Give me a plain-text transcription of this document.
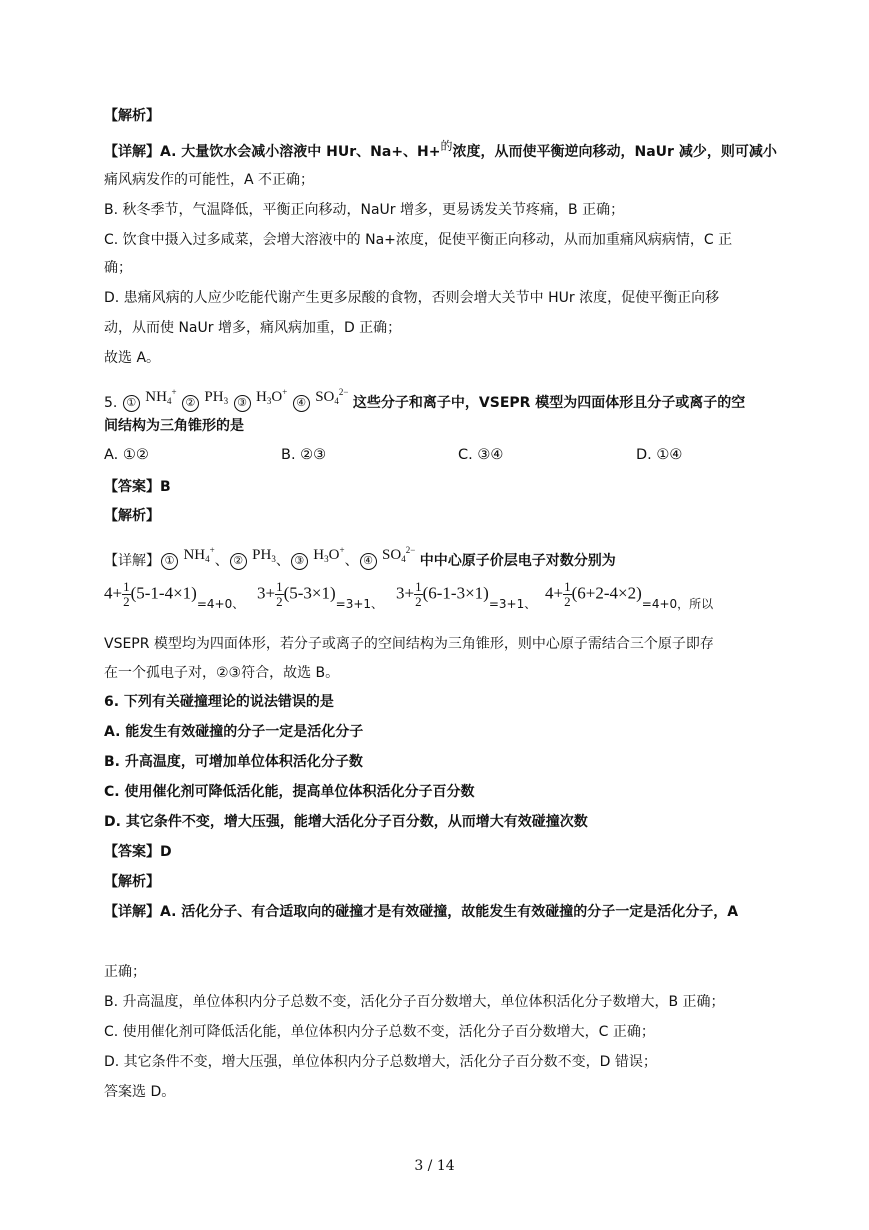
【解析】
【详解】A. 大量饮水会减小溶液中 HUr、Na+、H+的浓度，从而使平衡逆向移动，NaUr 减少，则可减小
痛风病发作的可能性，A 不正确；
B. 秋冬季节，气温降低，平衡正向移动，NaUr 增多，更易诱发关节疼痛，B 正确；
C. 饮食中摄入过多咸菜，会增大溶液中的 Na+浓度，促使平衡正向移动，从而加重痛风病病情，C 正
确；
D. 患痛风病的人应少吃能代谢产生更多尿酸的食物，否则会增大关节中 HUr 浓度，促使平衡正向移
动，从而使 NaUr 增多，痛风病加重，D 正确；
故选 A。
5. ① $NH_4^+$ ② $PH_3$ ③ $H_3O^+$ ④ $SO_4^{2-}$ 这些分子和离子中，VSEPR 模型为四面体形且分子或离子的空
间结构为三角锥形的是
A. ①②	B. ②③	C. ③④	D. ①④
【答案】B
【解析】
【详解】 ① $NH_4^+$、 ② $PH_3$、 ③ $H_3O^+$、 ④ $SO_4^{2-}$ 中中心原子价层电子对数分别为
$4+ \frac{1}{2} (5-1-4\times 1)_{=4+0、}$
$3+ \frac{1}{2} (5-3\times 1)_{=3+1、}$
$3+ \frac{1}{2} (6-1-3\times 1)_{=3+1、}$
$4+ \frac{1}{2} (6+2-4\times 2)_{=4+0,所以}$
VSEPR 模型均为四面体形，若分子或离子的空间结构为三角锥形，则中心原子需结合三个原子即存
在一个孤电子对，②③符合，故选 B。
6. 下列有关碰撞理论的说法错误的是
A. 能发生有效碰撞的分子一定是活化分子
B. 升高温度，可增加单位体积活化分子数
C. 使用催化剂可降低活化能，提高单位体积活化分子百分数
D. 其它条件不变，增大压强，能增大活化分子百分数，从而增大有效碰撞次数
【答案】D
【解析】
【详解】A. 活化分子、有合适取向的碰撞才是有效碰撞，故能发生有效碰撞的分子一定是活化分子，A
正确；
B. 升高温度，单位体积内分子总数不变，活化分子百分数增大，单位体积活化分子数增大，B 正确；
C. 使用催化剂可降低活化能，单位体积内分子总数不变，活化分子百分数增大，C 正确；
D. 其它条件不变，增大压强，单位体积内分子总数增大，活化分子百分数不变，D 错误；
答案选 D。
3 / 14
